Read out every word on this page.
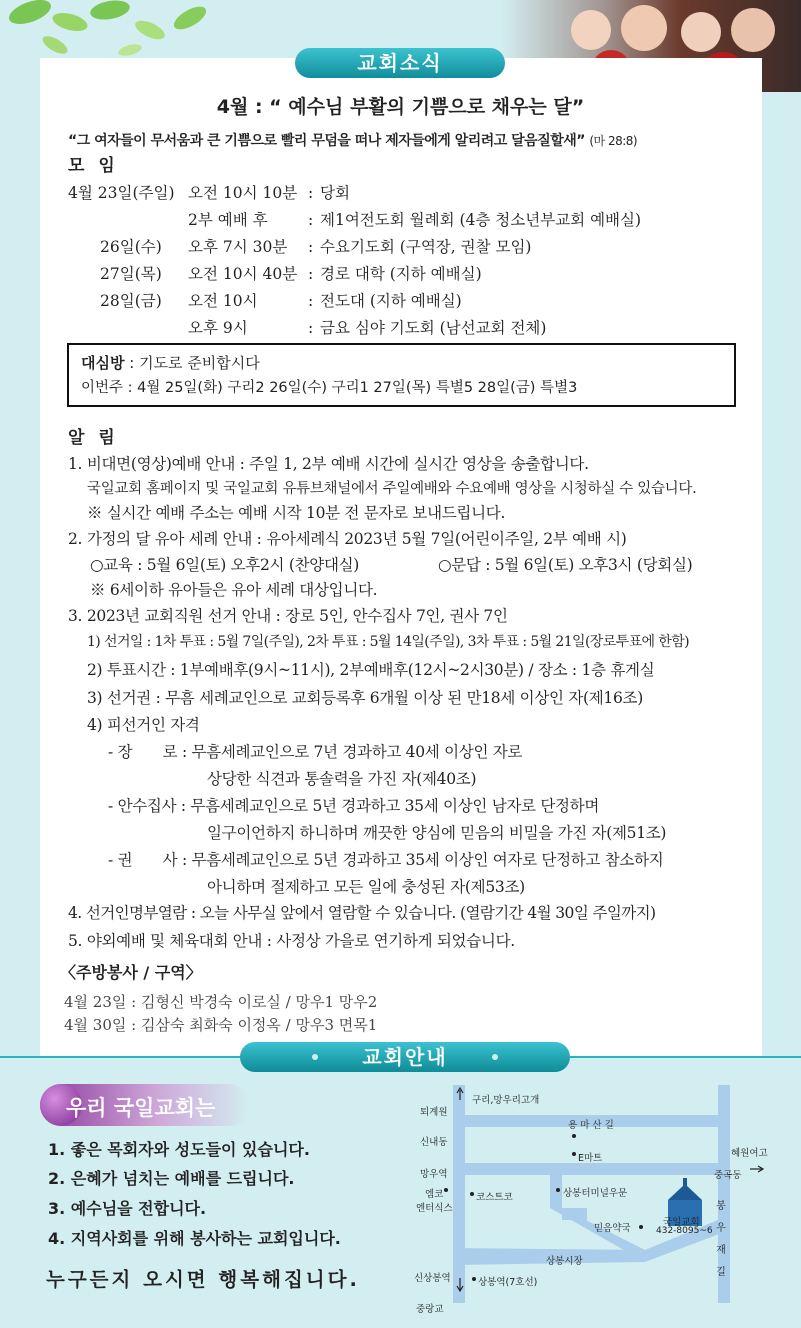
교회소식
4월 : “ 예수님 부활의 기쁨으로 채우는 달”
“그 여자들이 무서움과 큰 기쁨으로 빨리 무덤을 떠나 제자들에게 알리려고 달음질할새” (마 28:8)
모 임
4월 23일(주일) 오전 10시 10분 : 당회
2부 예배 후	: 제1여전도회 월례회 (4층 청소년부교회 예배실)
26일(수) 오후 7시 30분 : 수요기도회 (구역장, 권찰 모임)
27일(목) 오전 10시 40분 : 경로 대학 (지하 예배실)
28일(금) 오전 10시	: 전도대 (지하 예배실)
오후 9시	: 금요 심야 기도회 (남선교회 전체)
대심방 : 기도로 준비합시다
이번주 : 4월 25일(화) 구리2 26일(수) 구리1 27일(목) 특별5 28일(금) 특별3
알 림
1. 비대면(영상)예배 안내 : 주일 1, 2부 예배 시간에 실시간 영상을 송출합니다.
국일교회 홈페이지 및 국일교회 유튜브채널에서 주일예배와 수요예배 영상을 시청하실 수 있습니다.
※ 실시간 예배 주소는 예배 시작 10분 전 문자로 보내드립니다.
2. 가정의 달 유아 세례 안내 : 유아세례식 2023년 5월 7일(어린이주일, 2부 예배 시)
○교육 : 5월 6일(토) 오후2시 (찬양대실)	○문답 : 5월 6일(토) 오후3시 (당회실)
※ 6세이하 유아들은 유아 세례 대상입니다.
3. 2023년 교회직원 선거 안내 : 장로 5인, 안수집사 7인, 권사 7인
1) 선거일 : 1차 투표 : 5월 7일(주일), 2차 투표 : 5월 14일(주일), 3차 투표 : 5월 21일(장로투표에 한함)
2) 투표시간 : 1부예배후(9시~11시), 2부예배후(12시~2시30분) / 장소 : 1층 휴게실
3) 선거권 : 무흠 세례교인으로 교회등록후 6개월 이상 된 만18세 이상인 자(제16조)
4) 피선거인 자격
- 장　　로 : 무흠세례교인으로 7년 경과하고 40세 이상인 자로
상당한 식견과 통솔력을 가진 자(제40조)
- 안수집사 : 무흠세례교인으로 5년 경과하고 35세 이상인 남자로 단정하며
일구이언하지 하니하며 깨끗한 양심에 믿음의 비밀을 가진 자(제51조)
- 권　　사 : 무흠세례교인으로 5년 경과하고 35세 이상인 여자로 단정하고 참소하지
아니하며 절제하고 모든 일에 충성된 자(제53조)
4. 선거인명부열람 : 오늘 사무실 앞에서 열람할 수 있습니다. (열람기간 4월 30일 주일까지)
5. 야외예배 및 체육대회 안내 : 사정상 가을로 연기하게 되었습니다.
〈주방봉사 / 구역〉
4월 23일 : 김형신 박경숙 이로실 / 망우1 망우2
4월 30일 : 김삼숙 최화숙 이정옥 / 망우3 면목1
교회안내
우리 국일교회는
1. 좋은 목회자와 성도들이 있습니다.
2. 은혜가 넘치는 예배를 드립니다.
3. 예수님을 전합니다.
4. 지역사회를 위해 봉사하는 교회입니다.
누구든지 오시면 행복해집니다.
퇴계원
구리,망우리고개
용 마 산 길
신내동
E마트	혜원여고
망우역	중곡동
엠코
엔터식스
코스트코	상봉터미널우문
국일교회
432-8095~6
믿음약국
상봉시장
신상봉역	상봉역(7호선)
중랑교
봉
우
재
길
